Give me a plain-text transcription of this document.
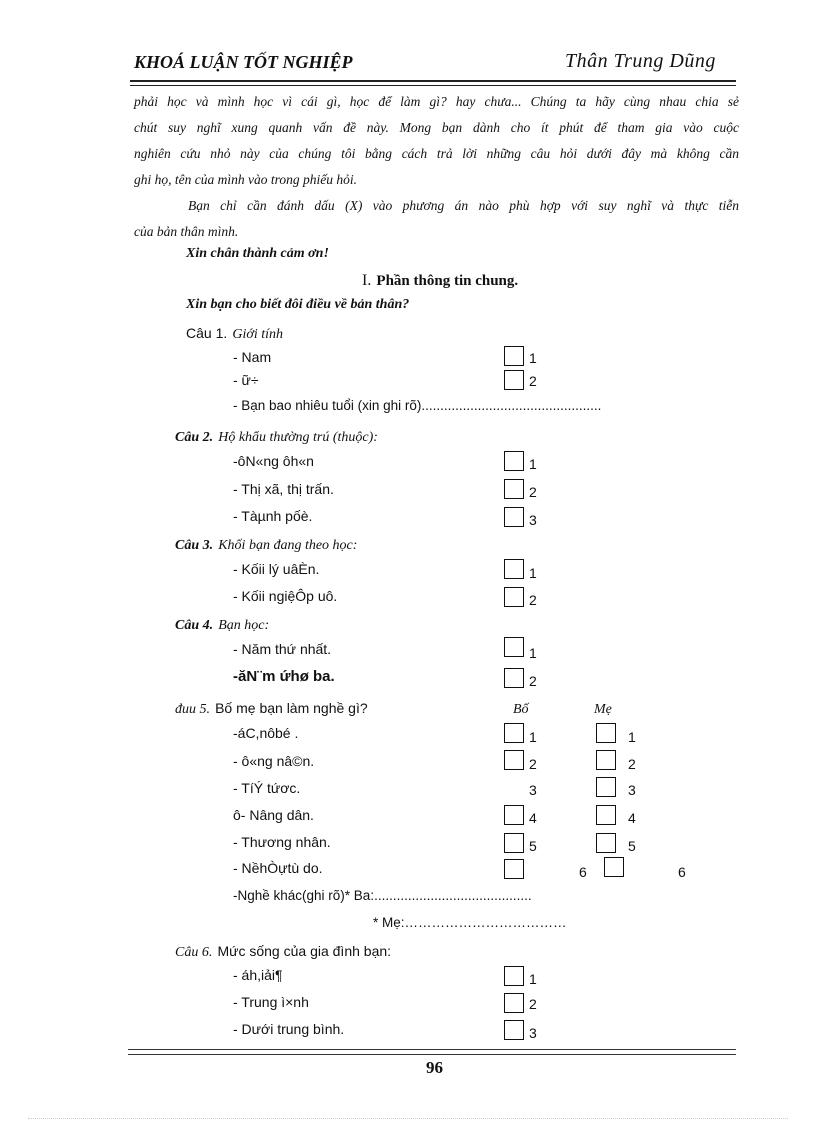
KHOÁ LUẬN TỐT NGHIỆP	Thân Trung Dũng
phải học và mình học vì cái gì, học để làm gì? hay chưa... Chúng ta hãy cùng nhau chia sẻ
chút suy nghĩ xung quanh vấn đề này. Mong bạn dành cho ít phút để tham gia vào cuộc
nghiên cứu nhỏ này của chúng tôi bằng cách trả lời những câu hỏi dưới đây mà không cần
ghi họ, tên của mình vào trong phiếu hỏi.
Bạn chỉ cần đánh dấu (X) vào phương án nào phù hợp với suy nghĩ và thực tiễn
của bản thân mình.
Xin chân thành cảm ơn!
I. Phần thông tin chung.
Xin bạn cho biết đôi điều về bản thân?
Câu 1. Giới tính
- Nam	1
- ữ÷	2
- Bạn bao nhiêu tuổi (xin ghi rõ)................................................
Câu 2. Hộ khẩu thường trú (thuộc):
-ôN«ng ôh«n	1
- Thị xã, thị trấn.	2
- Tàµnh pốè.	3
Câu 3. Khối bạn đang theo học:
- Kốii lý uâÈn.	1
- Kốii ngiệÔp uô.	2
Câu 4. Bạn học:
- Năm thứ nhất.	1
-ăN¨m ứhø ba.	2
đuu 5. Bố mẹ bạn làm nghề gì?	Bố	Mẹ
-áC,nôbé .	1	1
- ô«ng nâ©n.	2	2
- TíÝ tứơc.	3	3
ô- Nâng dân.	4	4
- Thương nhân.	5	5
- NềhÒựtù do.	6	6
-Nghề khác(ghi rõ)* Ba:..........................................
* Mẹ:………………………………
Câu 6. Mức sống của gia đình bạn:
- áh,iải¶	1
- Trung ì×nh	2
- Dưới trung bình.	3
96
